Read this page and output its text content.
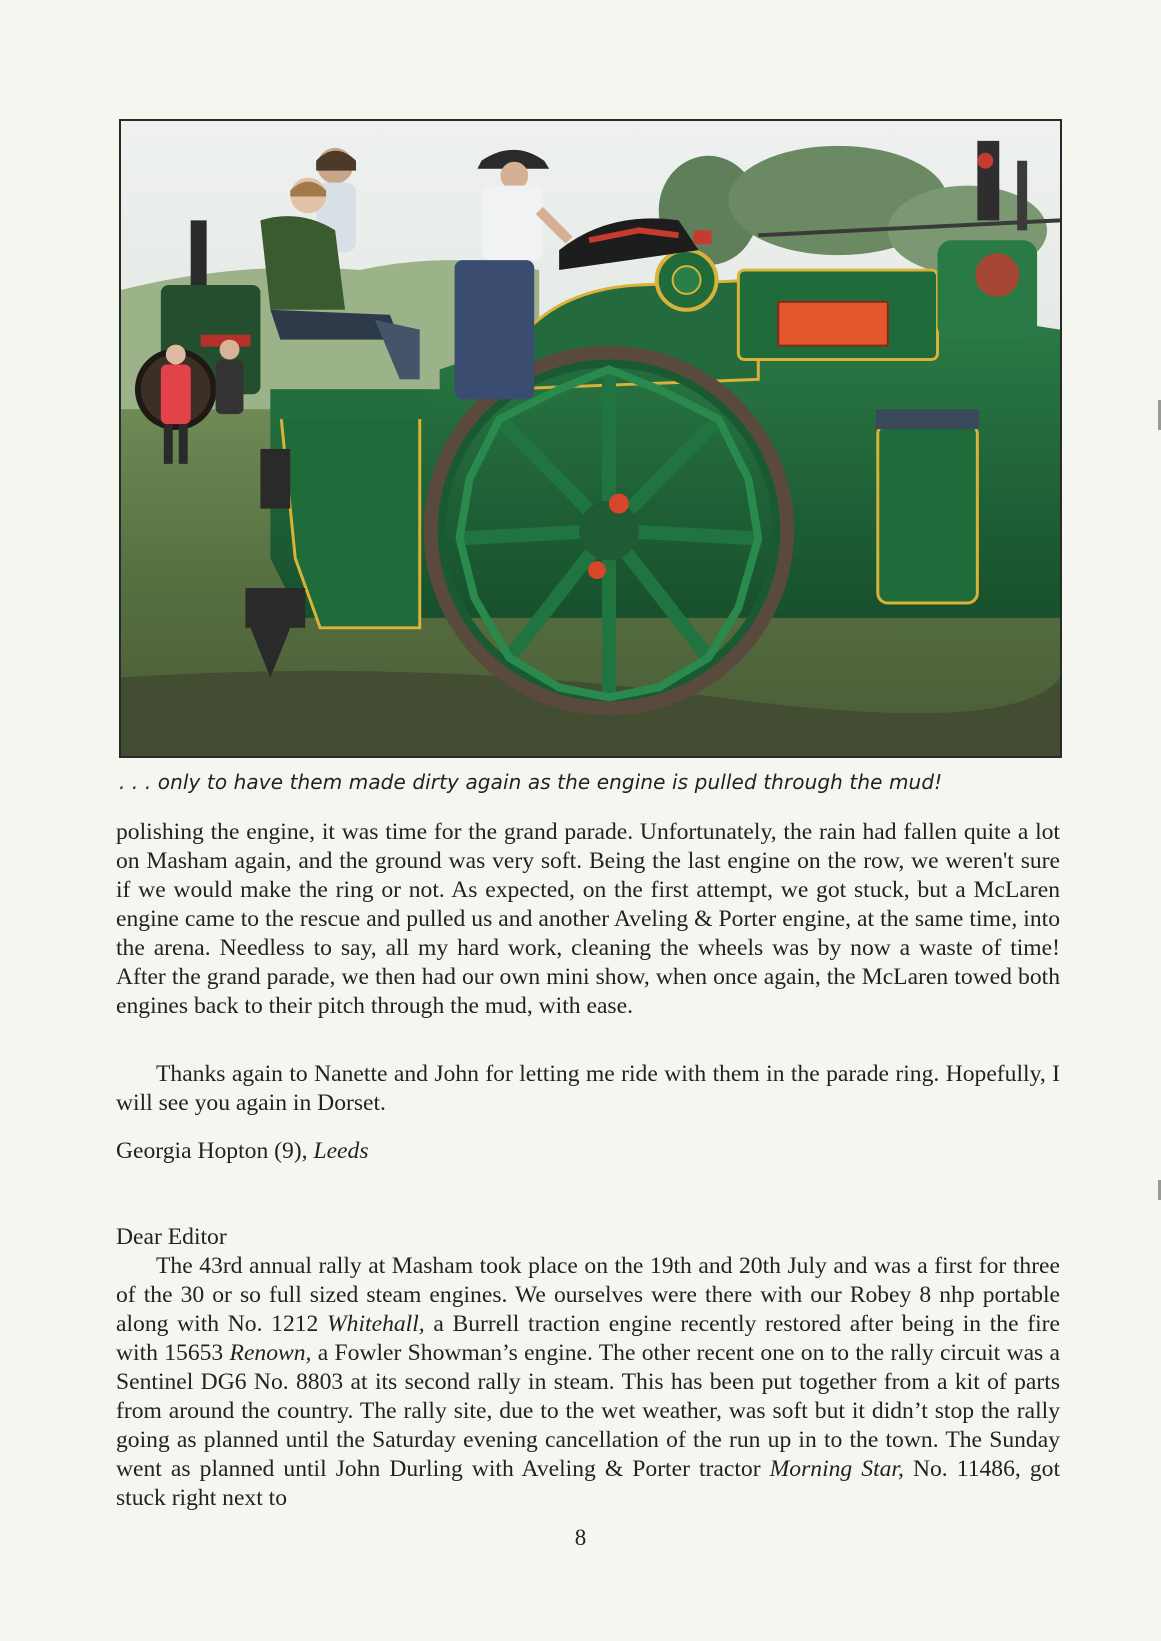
. . . only to have them made dirty again as the engine is pulled through the mud!

polishing the engine, it was time for the grand parade. Unfortunately, the rain had fallen quite a lot on Masham again, and the ground was very soft. Being the last engine on the row, we weren't sure if we would make the ring or not. As expected, on the first attempt, we got stuck, but a McLaren engine came to the rescue and pulled us and another Aveling & Porter engine, at the same time, into the arena. Needless to say, all my hard work, cleaning the wheels was by now a waste of time! After the grand parade, we then had our own mini show, when once again, the McLaren towed both engines back to their pitch through the mud, with ease.

Thanks again to Nanette and John for letting me ride with them in the parade ring. Hopefully, I will see you again in Dorset.

Georgia Hopton (9), Leeds

Dear Editor

The 43rd annual rally at Masham took place on the 19th and 20th July and was a first for three of the 30 or so full sized steam engines. We ourselves were there with our Robey 8 nhp portable along with No. 1212 Whitehall, a Burrell traction engine recently restored after being in the fire with 15653 Renown, a Fowler Showman’s engine. The other recent one on to the rally circuit was a Sentinel DG6 No. 8803 at its second rally in steam. This has been put together from a kit of parts from around the country. The rally site, due to the wet weather, was soft but it didn’t stop the rally going as planned until the Saturday evening cancellation of the run up in to the town. The Sunday went as planned until John Durling with Aveling & Porter tractor Morning Star, No. 11486, got stuck right next to

8
